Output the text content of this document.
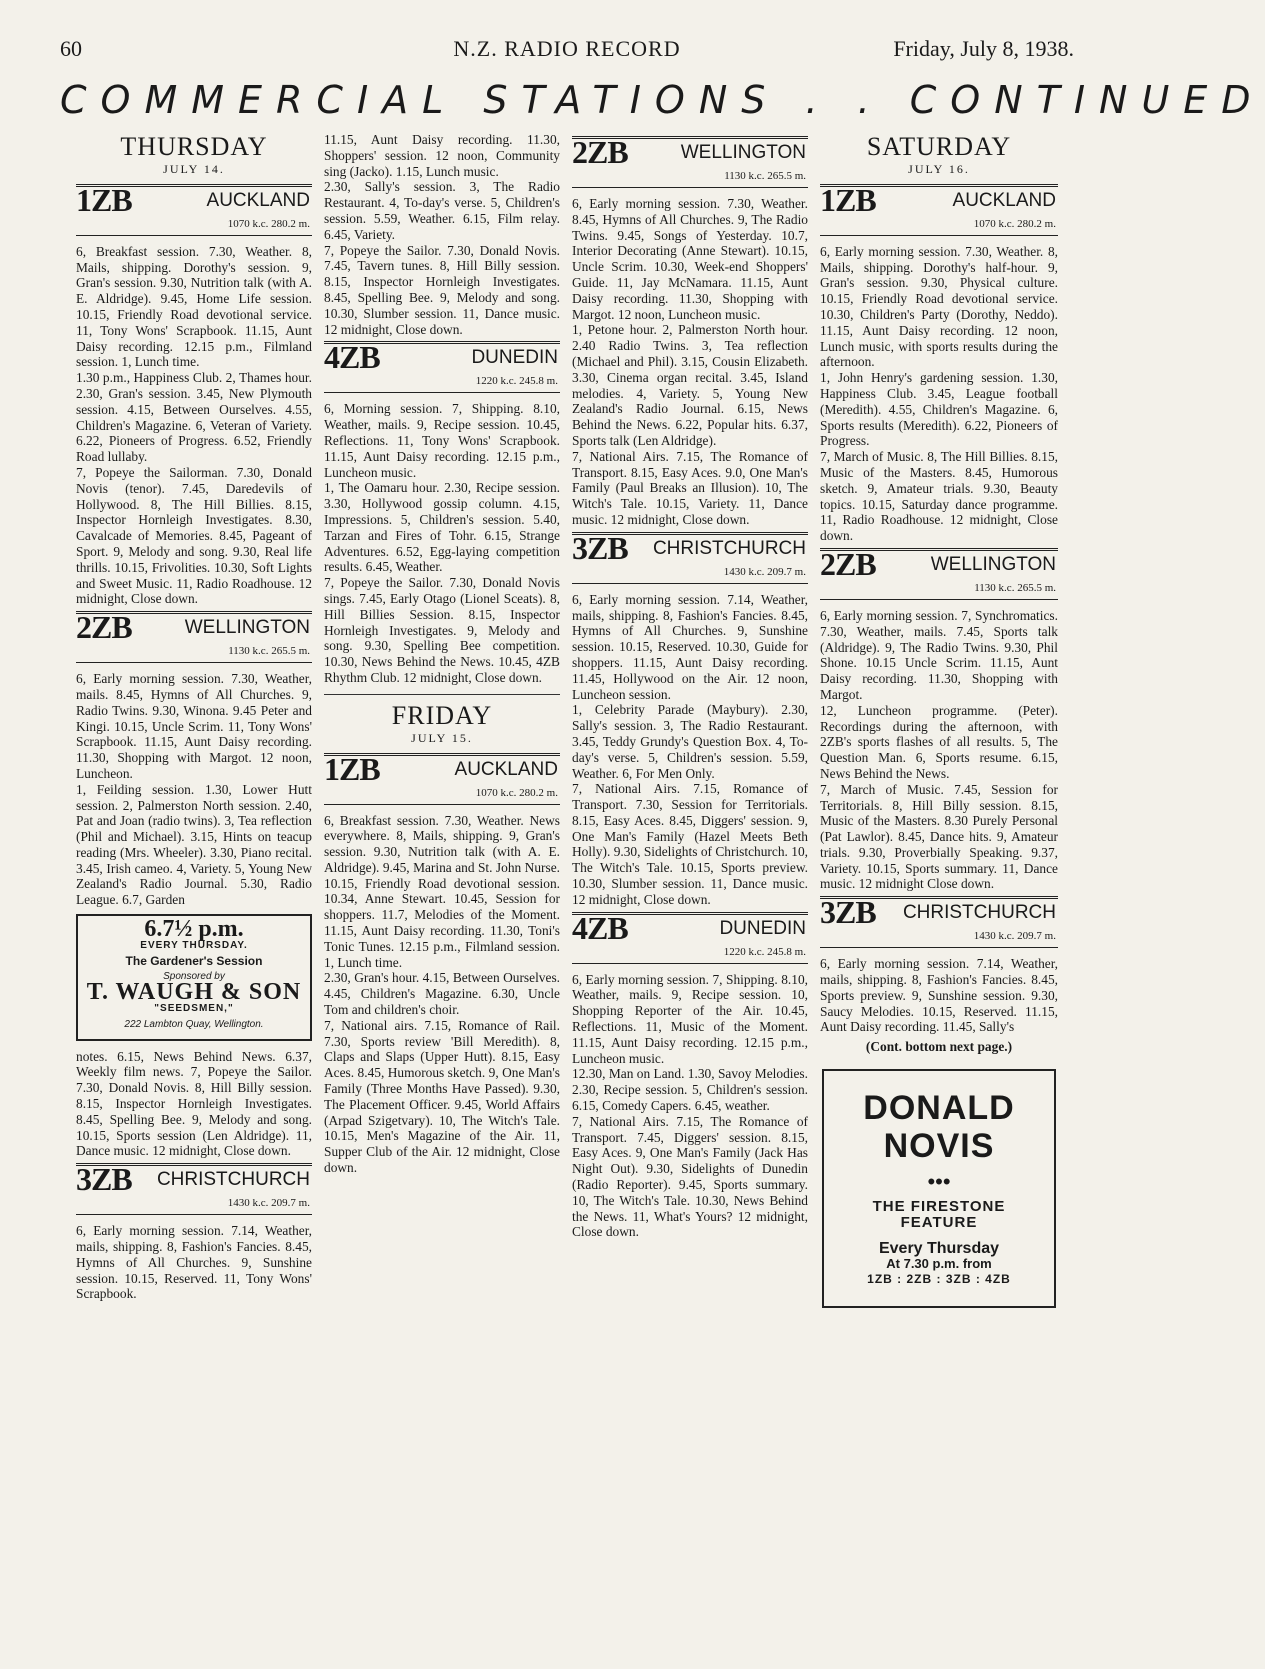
60	N.Z. RADIO RECORD	Friday, July 8, 1938.
COMMERCIAL STATIONS . . CONTINUED
THURSDAY
JULY 14.
1ZB	AUCKLAND
1070 k.c. 280.2 m.

6, Breakfast session. 7.30, Weather. 8, Mails, shipping. Dorothy's session. 9, Gran's session. 9.30, Nutrition talk (with A. E. Aldridge). 9.45, Home Life session. 10.15, Friendly Road devotional service. 11, Tony Wons' Scrapbook. 11.15, Aunt Daisy recording. 12.15 p.m., Filmland session. 1, Lunch time.

1.30 p.m., Happiness Club. 2, Thames hour. 2.30, Gran's session. 3.45, New Plymouth session. 4.15, Between Ourselves. 4.55, Children's Magazine. 6, Veteran of Variety. 6.22, Pioneers of Progress. 6.52, Friendly Road lullaby.

7, Popeye the Sailorman. 7.30, Donald Novis (tenor). 7.45, Daredevils of Hollywood. 8, The Hill Billies. 8.15, Inspector Hornleigh Investigates. 8.30, Cavalcade of Memories. 8.45, Pageant of Sport. 9, Melody and song. 9.30, Real life thrills. 10.15, Frivolities. 10.30, Soft Lights and Sweet Music. 11, Radio Roadhouse. 12 midnight, Close down.

2ZB	WELLINGTON
1130 k.c. 265.5 m.

6, Early morning session. 7.30, Weather, mails. 8.45, Hymns of All Churches. 9, Radio Twins. 9.30, Winona. 9.45 Peter and Kingi. 10.15, Uncle Scrim. 11, Tony Wons' Scrapbook. 11.15, Aunt Daisy recording. 11.30, Shopping with Margot. 12 noon, Luncheon.

1, Feilding session. 1.30, Lower Hutt session. 2, Palmerston North session. 2.40, Pat and Joan (radio twins). 3, Tea reflection (Phil and Michael). 3.15, Hints on teacup reading (Mrs. Wheeler). 3.30, Piano recital. 3.45, Irish cameo. 4, Variety. 5, Young New Zealand's Radio Journal. 5.30, Radio League. 6.7, Garden

6.7½ p.m.
EVERY THURSDAY.
The Gardener's Session
Sponsored by
T. WAUGH & SON
"SEEDSMEN,"
222 Lambton Quay, Wellington.

notes. 6.15, News Behind News. 6.37, Weekly film news. 7, Popeye the Sailor. 7.30, Donald Novis. 8, Hill Billy session. 8.15, Inspector Hornleigh Investigates. 8.45, Spelling Bee. 9, Melody and song. 10.15, Sports session (Len Aldridge). 11, Dance music. 12 midnight, Close down.

3ZB CHRISTCHURCH
1430 k.c. 209.7 m.

6, Early morning session. 7.14, Weather, mails, shipping. 8, Fashion's Fancies. 8.45, Hymns of All Churches. 9, Sunshine session. 10.15, Reserved. 11, Tony Wons' Scrapbook.

11.15, Aunt Daisy recording. 11.30, Shoppers' session. 12 noon, Community sing (Jacko). 1.15, Lunch music.

2.30, Sally's session. 3, The Radio Restaurant. 4, To-day's verse. 5, Children's session. 5.59, Weather. 6.15, Film relay. 6.45, Variety.

7, Popeye the Sailor. 7.30, Donald Novis. 7.45, Tavern tunes. 8, Hill Billy session. 8.15, Inspector Hornleigh Investigates. 8.45, Spelling Bee. 9, Melody and song. 10.30, Slumber session. 11, Dance music. 12 midnight, Close down.

4ZB	DUNEDIN
1220 k.c. 245.8 m.

6, Morning session. 7, Shipping. 8.10, Weather, mails. 9, Recipe session. 10.45, Reflections. 11, Tony Wons' Scrapbook. 11.15, Aunt Daisy recording. 12.15 p.m., Luncheon music.

1, The Oamaru hour. 2.30, Recipe session. 3.30, Hollywood gossip column. 4.15, Impressions. 5, Children's session. 5.40, Tarzan and Fires of Tohr. 6.15, Strange Adventures. 6.52, Egg-laying competition results. 6.45, Weather.

7, Popeye the Sailor. 7.30, Donald Novis sings. 7.45, Early Otago (Lionel Sceats). 8, Hill Billies Session. 8.15, Inspector Hornleigh Investigates. 9, Melody and song. 9.30, Spelling Bee competition. 10.30, News Behind the News. 10.45, 4ZB Rhythm Club. 12 midnight, Close down.

FRIDAY
JULY 15.
1ZB	AUCKLAND
1070 k.c. 280.2 m.

6, Breakfast session. 7.30, Weather. News everywhere. 8, Mails, shipping. 9, Gran's session. 9.30, Nutrition talk (with A. E. Aldridge). 9.45, Marina and St. John Nurse. 10.15, Friendly Road devotional session. 10.34, Anne Stewart. 10.45, Session for shoppers. 11.7, Melodies of the Moment. 11.15, Aunt Daisy recording. 11.30, Toni's Tonic Tunes. 12.15 p.m., Filmland session. 1, Lunch time.

2.30, Gran's hour. 4.15, Between Ourselves. 4.45, Children's Magazine. 6.30, Uncle Tom and children's choir.

7, National airs. 7.15, Romance of Rail. 7.30, Sports review 'Bill Meredith). 8, Claps and Slaps (Upper Hutt). 8.15, Easy Aces. 8.45, Humorous sketch. 9, One Man's Family (Three Months Have Passed). 9.30, The Placement Officer. 9.45, World Affairs (Arpad Szigetvary). 10, The Witch's Tale. 10.15, Men's Magazine of the Air. 11, Supper Club of the Air. 12 midnight, Close down.

2ZB	WELLINGTON
1130 k.c. 265.5 m.

6, Early morning session. 7.30, Weather. 8.45, Hymns of All Churches. 9, The Radio Twins. 9.45, Songs of Yesterday. 10.7, Interior Decorating (Anne Stewart). 10.15, Uncle Scrim. 10.30, Week-end Shoppers' Guide. 11, Jay McNamara. 11.15, Aunt Daisy recording. 11.30, Shopping with Margot. 12 noon, Luncheon music.

1, Petone hour. 2, Palmerston North hour. 2.40 Radio Twins. 3, Tea reflection (Michael and Phil). 3.15, Cousin Elizabeth. 3.30, Cinema organ recital. 3.45, Island melodies. 4, Variety. 5, Young New Zealand's Radio Journal. 6.15, News Behind the News. 6.22, Popular hits. 6.37, Sports talk (Len Aldridge).

7, National Airs. 7.15, The Romance of Transport. 8.15, Easy Aces. 9.0, One Man's Family (Paul Breaks an Illusion). 10, The Witch's Tale. 10.15, Variety. 11, Dance music. 12 midnight, Close down.

3ZB CHRISTCHURCH
1430 k.c. 209.7 m.

6, Early morning session. 7.14, Weather, mails, shipping. 8, Fashion's Fancies. 8.45, Hymns of All Churches. 9, Sunshine session. 10.15, Reserved. 10.30, Guide for shoppers. 11.15, Aunt Daisy recording. 11.45, Hollywood on the Air. 12 noon, Luncheon session.

1, Celebrity Parade (Maybury). 2.30, Sally's session. 3, The Radio Restaurant. 3.45, Teddy Grundy's Question Box. 4, To-day's verse. 5, Children's session. 5.59, Weather. 6, For Men Only.

7, National Airs. 7.15, Romance of Transport. 7.30, Session for Territorials. 8.15, Easy Aces. 8.45, Diggers' session. 9, One Man's Family (Hazel Meets Beth Holly). 9.30, Sidelights of Christchurch. 10, The Witch's Tale. 10.15, Sports preview. 10.30, Slumber session. 11, Dance music. 12 midnight, Close down.

4ZB	DUNEDIN
1220 k.c. 245.8 m.

6, Early morning session. 7, Shipping. 8.10, Weather, mails. 9, Recipe session. 10, Shopping Reporter of the Air. 10.45, Reflections. 11, Music of the Moment. 11.15, Aunt Daisy recording. 12.15 p.m., Luncheon music.

12.30, Man on Land. 1.30, Savoy Melodies. 2.30, Recipe session. 5, Children's session. 6.15, Comedy Capers. 6.45, weather.

7, National Airs. 7.15, The Romance of Transport. 7.45, Diggers' session. 8.15, Easy Aces. 9, One Man's Family (Jack Has Night Out). 9.30, Sidelights of Dunedin (Radio Reporter). 9.45, Sports summary. 10, The Witch's Tale. 10.30, News Behind the News. 11, What's Yours? 12 midnight, Close down.

SATURDAY
JULY 16.
1ZB	AUCKLAND
1070 k.c. 280.2 m.

6, Early morning session. 7.30, Weather. 8, Mails, shipping. Dorothy's half-hour. 9, Gran's session. 9.30, Physical culture. 10.15, Friendly Road devotional service. 10.30, Children's Party (Dorothy, Neddo). 11.15, Aunt Daisy recording. 12 noon, Lunch music, with sports results during the afternoon.

1, John Henry's gardening session. 1.30, Happiness Club. 3.45, League football (Meredith). 4.55, Children's Magazine. 6, Sports results (Meredith). 6.22, Pioneers of Progress.

7, March of Music. 8, The Hill Billies. 8.15, Music of the Masters. 8.45, Humorous sketch. 9, Amateur trials. 9.30, Beauty topics. 10.15, Saturday dance programme. 11, Radio Roadhouse. 12 midnight, Close down.

2ZB	WELLINGTON
1130 k.c. 265.5 m.

6, Early morning session. 7, Synchromatics. 7.30, Weather, mails. 7.45, Sports talk (Aldridge). 9, The Radio Twins. 9.30, Phil Shone. 10.15 Uncle Scrim. 11.15, Aunt Daisy recording. 11.30, Shopping with Margot.

12, Luncheon programme. (Peter). Recordings during the afternoon, with 2ZB's sports flashes of all results. 5, The Question Man. 6, Sports resume. 6.15, News Behind the News.

7, March of Music. 7.45, Session for Territorials. 8, Hill Billy session. 8.15, Music of the Masters. 8.30 Purely Personal (Pat Lawlor). 8.45, Dance hits. 9, Amateur trials. 9.30, Proverbially Speaking. 9.37, Variety. 10.15, Sports summary. 11, Dance music. 12 midnight Close down.

3ZB CHRISTCHURCH
1430 k.c. 209.7 m.

6, Early morning session. 7.14, Weather, mails, shipping. 8, Fashion's Fancies. 8.45, Sports preview. 9, Sunshine session. 9.30, Saucy Melodies. 10.15, Reserved. 11.15, Aunt Daisy recording. 11.45, Sally's

(Cont. bottom next page.)
DONALD
NOVIS
•••
THE FIRESTONE
FEATURE
Every Thursday
At 7.30 p.m. from
1ZB : 2ZB : 3ZB : 4ZB
